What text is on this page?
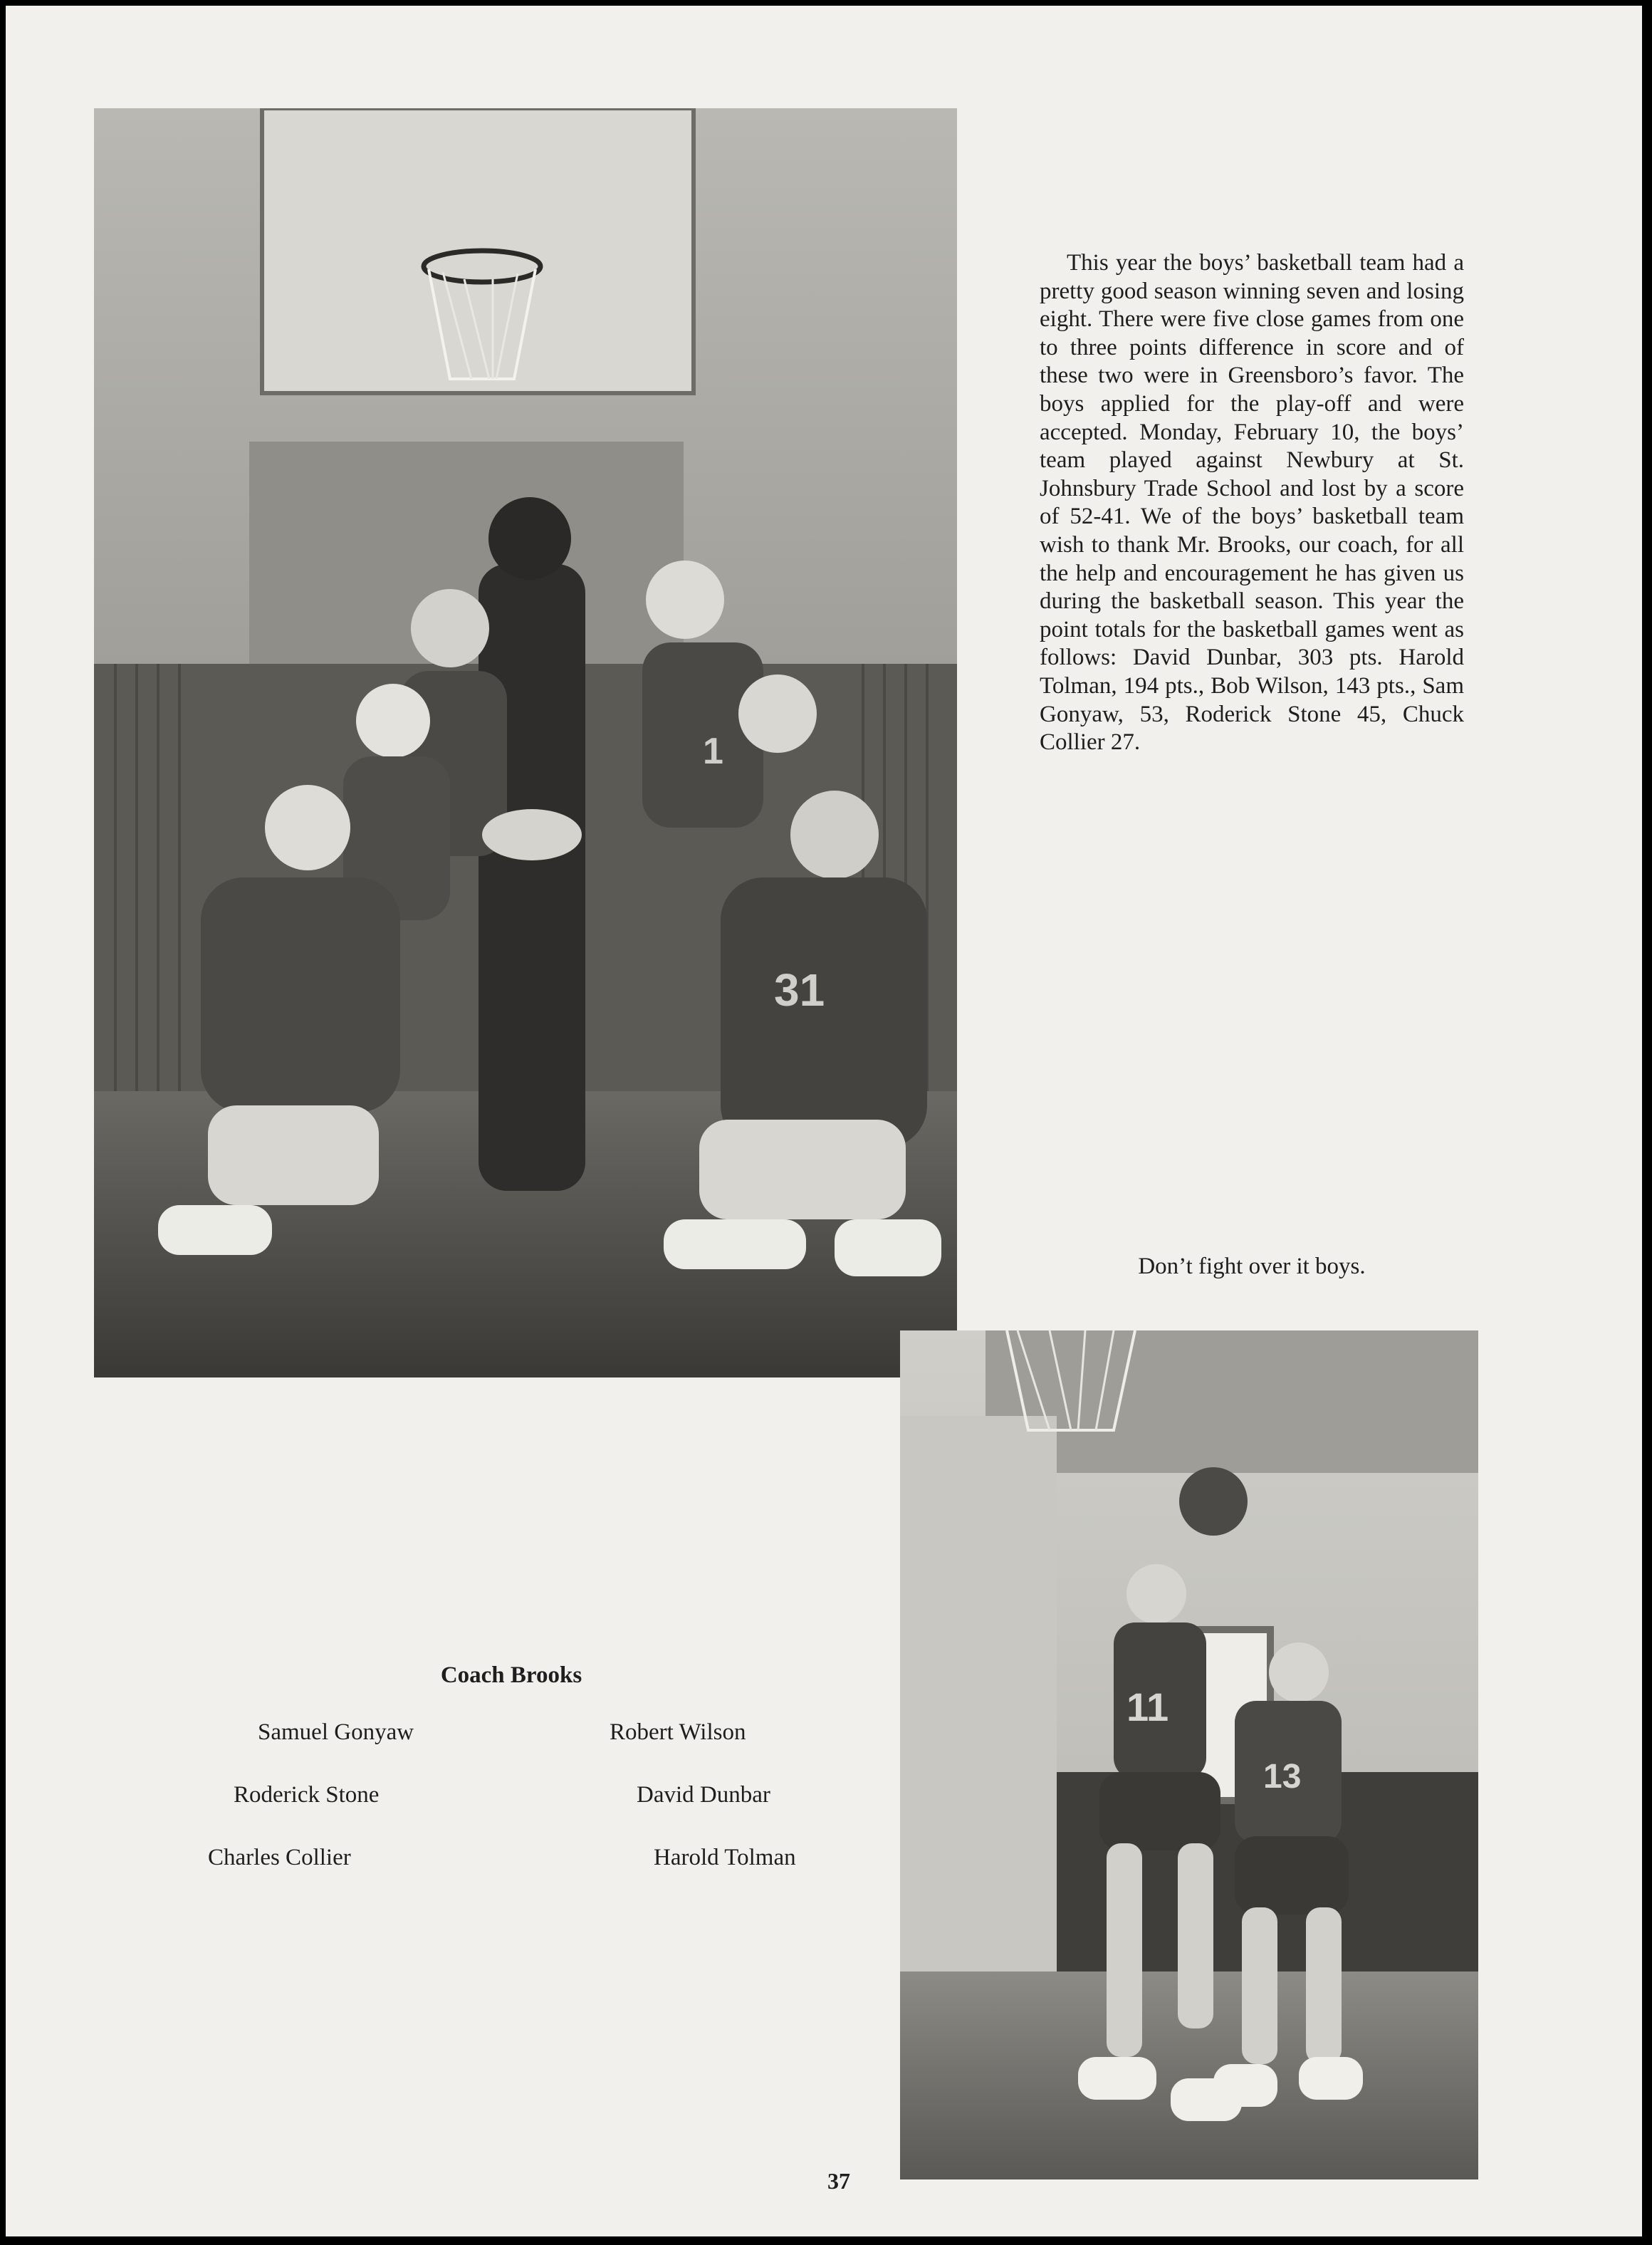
31
1

This year the boys’ basketball team had a pretty good season winning seven and losing eight. There were five close games from one to three points difference in score and of these two were in Greensboro’s favor. The boys applied for the play-off and were accepted. Monday, February 10, the boys’ team played against Newbury at St. Johnsbury Trade School and lost by a score of 52-41. We of the boys’ basketball team wish to thank Mr. Brooks, our coach, for all the help and encouragement he has given us during the basketball season. This year the point totals for the basketball games went as follows: David Dunbar, 303 pts. Harold Tolman, 194 pts., Bob Wilson, 143 pts., Sam Gonyaw, 53, Roderick Stone 45, Chuck Collier 27.

Don’t fight over it boys.

11
13

Coach Brooks

Samuel Gonyaw	Robert Wilson
Roderick Stone	David Dunbar
Charles Collier	Harold Tolman
37
